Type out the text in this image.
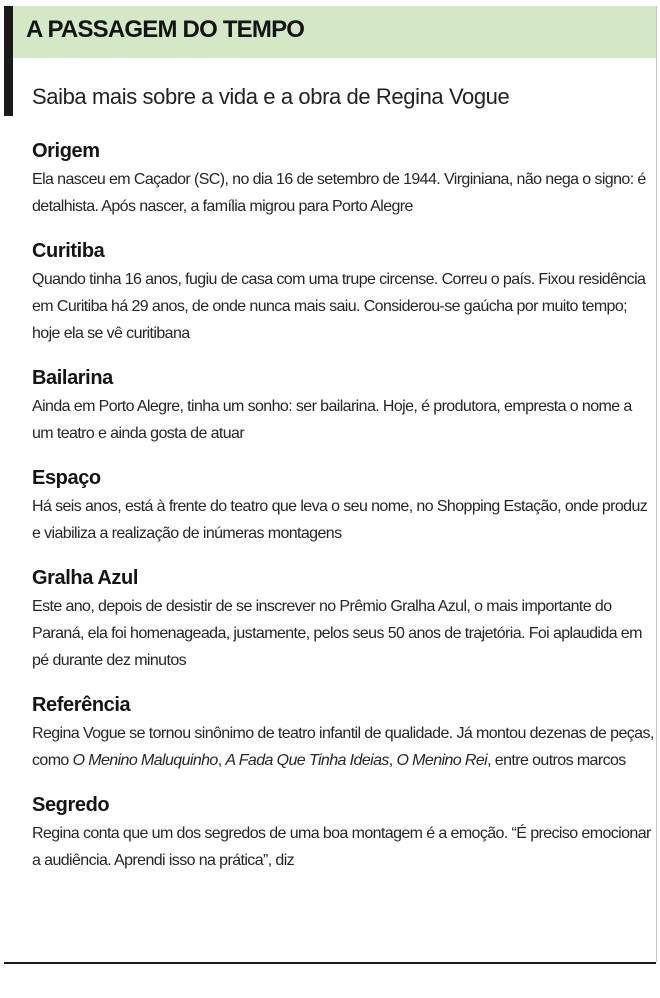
A PASSAGEM DO TEMPO

Saiba mais sobre a vida e a obra de Regina Vogue

Origem

Ela nasceu em Caçador (SC), no dia 16 de setembro de 1944. Virginiana, não nega o signo: é detalhista. Após nascer, a família migrou para Porto Alegre

Curitiba

Quando tinha 16 anos, fugiu de casa com uma trupe circense. Correu o país. Fixou residência em Curitiba há 29 anos, de onde nunca mais saiu. Considerou-se gaúcha por muito tempo; hoje ela se vê curitibana

Bailarina

Ainda em Porto Alegre, tinha um sonho: ser bailarina. Hoje, é produtora, empresta o nome a um teatro e ainda gosta de atuar

Espaço

Há seis anos, está à frente do teatro que leva o seu nome, no Shopping Estação, onde produz e viabiliza a realização de inúmeras montagens

Gralha Azul

Este ano, depois de desistir de se inscrever no Prêmio Gralha Azul, o mais importante do Paraná, ela foi homenageada, justamente, pelos seus 50 anos de trajetória. Foi aplaudida em pé durante dez minutos

Referência

Regina Vogue se tornou sinônimo de teatro infantil de qualidade. Já montou dezenas de peças, como O Menino Maluquinho, A Fada Que Tinha Ideias, O Menino Rei, entre outros marcos

Segredo

Regina conta que um dos segredos de uma boa montagem é a emoção. “É preciso emocionar a audiência. Aprendi isso na prática”, diz
